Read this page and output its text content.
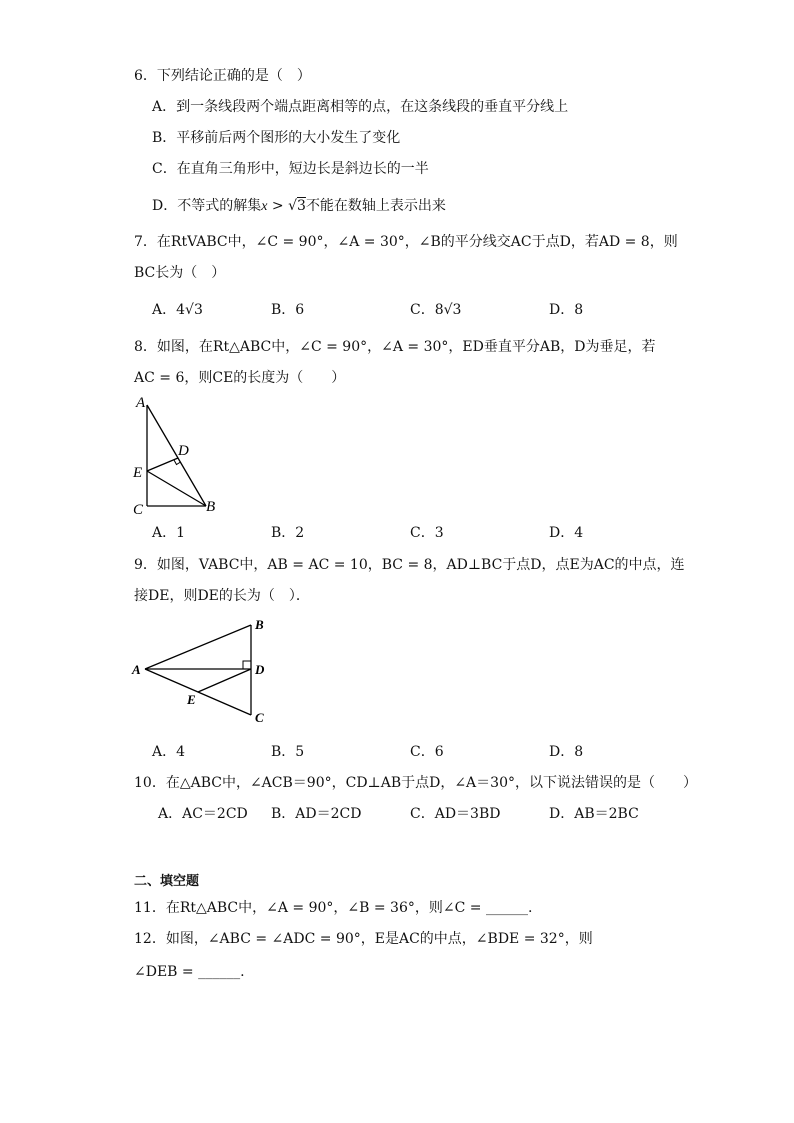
6．下列结论正确的是（　）
A．到一条线段两个端点距离相等的点，在这条线段的垂直平分线上
B．平移前后两个图形的大小发生了变化
C．在直角三角形中，短边长是斜边长的一半
D．不等式的解集x > √3不能在数轴上表示出来
7．在RtVABC中，∠C = 90°，∠A = 30°，∠B的平分线交AC于点D，若AD = 8，则
BC长为（　）
A．4√3	B．6	C．8√3	D．8
8．如图，在Rt△ABC中，∠C = 90°，∠A = 30°，ED垂直平分AB，D为垂足，若
AC = 6，则CE的长度为（　　）
A
D
E
C	B
A．1	B．2	C．3	D．4
9．如图，VABC中，AB = AC = 10，BC = 8，AD⊥BC于点D，点E为AC的中点，连
接DE，则DE的长为（　）．
A
B
D
E
C
A．4	B．5	C．6	D．8
10．在△ABC中，∠ACB＝90°，CD⊥AB于点D，∠A＝30°，以下说法错误的是（　　）
A．AC＝2CD B．AD＝2CD	C．AD＝3BD	D．AB＝2BC
二、填空题
11．在Rt△ABC中，∠A = 90°，∠B = 36°，则∠C = ______.
12．如图，∠ABC = ∠ADC = 90°，E是AC的中点，∠BDE = 32°，则
∠DEB = ______.
